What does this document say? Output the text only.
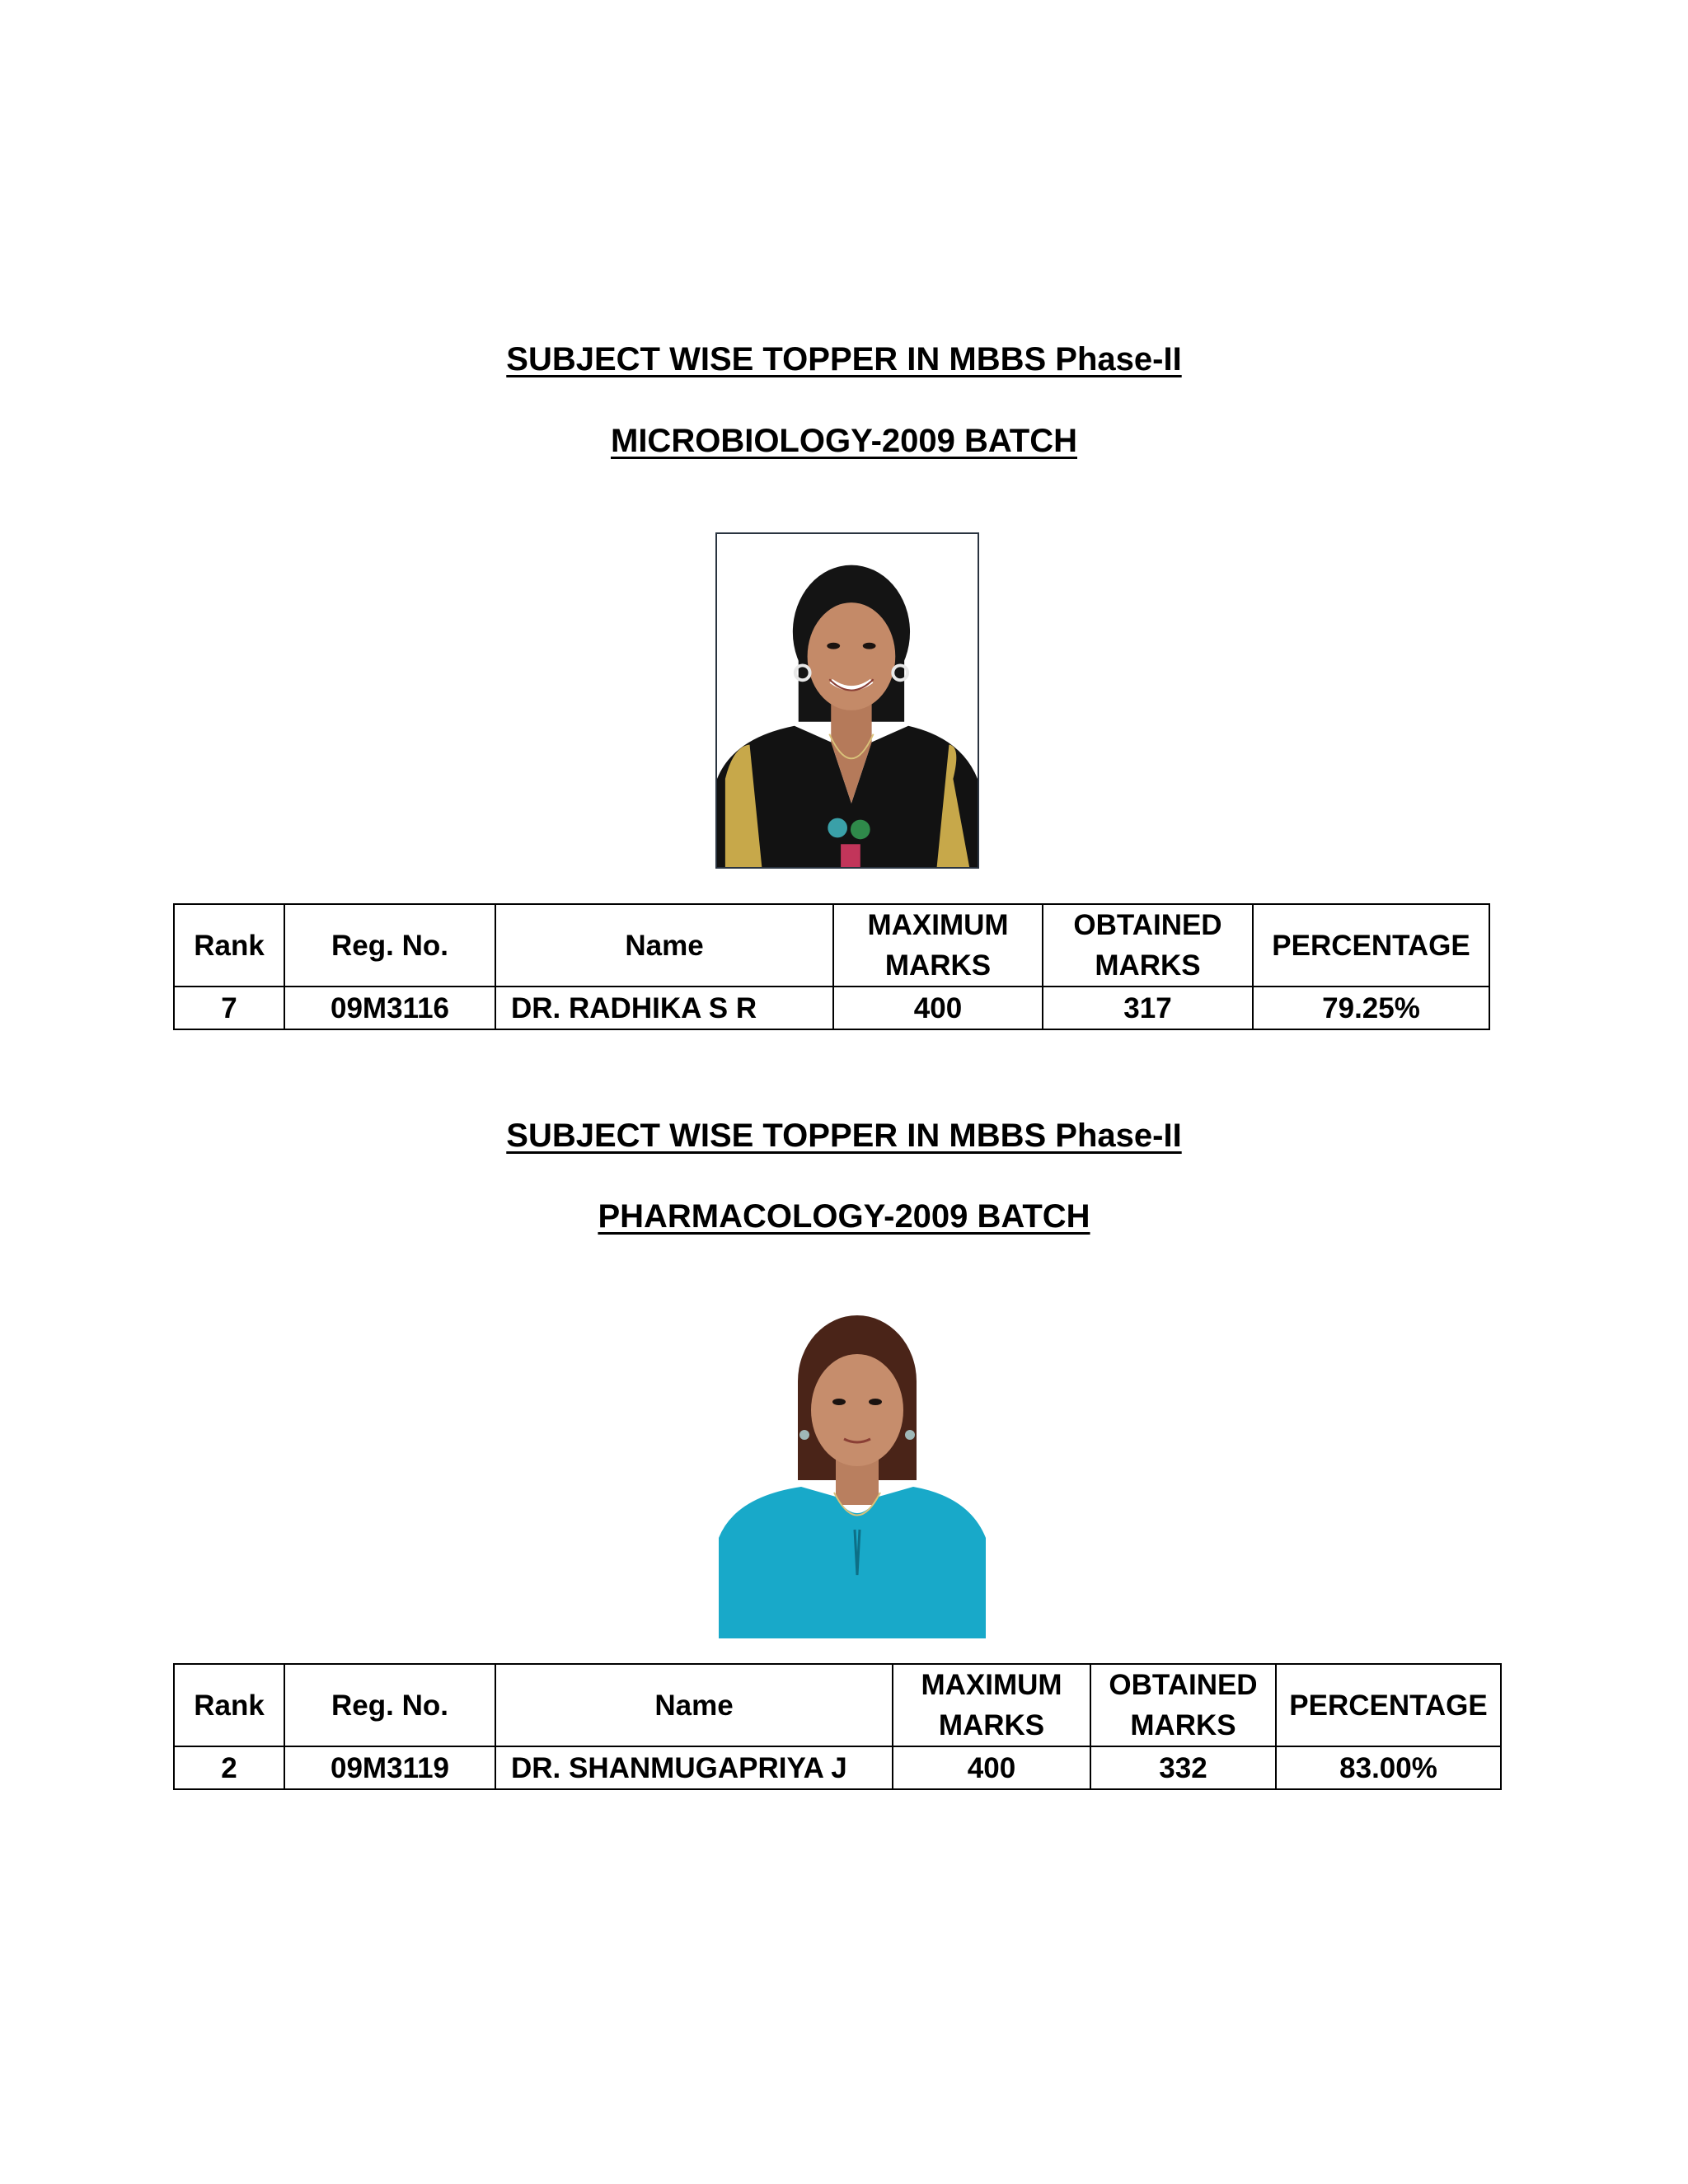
SUBJECT WISE TOPPER IN MBBS Phase-II
MICROBIOLOGY-2009 BATCH
Rank	Reg. No.	Name	MAXIMUM MARKS	OBTAINED MARKS	PERCENTAGE
7	09M3116	DR. RADHIKA S R	400	317	79.25%
SUBJECT WISE TOPPER IN MBBS Phase-II
PHARMACOLOGY-2009 BATCH
Rank	Reg. No.	Name	MAXIMUM MARKS	OBTAINED MARKS	PERCENTAGE
2	09M3119	DR. SHANMUGAPRIYA J	400	332	83.00%
